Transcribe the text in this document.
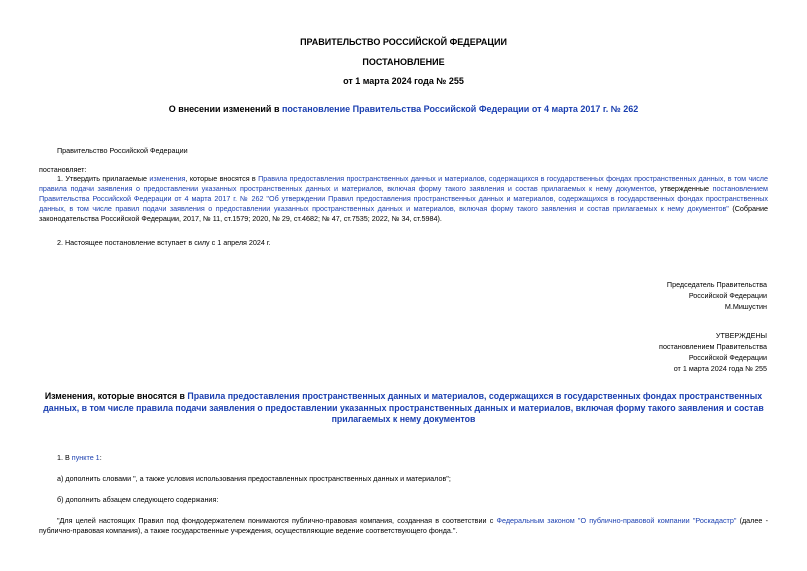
ПРАВИТЕЛЬСТВО РОССИЙСКОЙ ФЕДЕРАЦИИ
ПОСТАНОВЛЕНИЕ
от 1 марта 2024 года № 255
О внесении изменений в постановление Правительства Российской Федерации от 4 марта 2017 г. № 262
Правительство Российской Федерации
постановляет:
1. Утвердить прилагаемые изменения, которые вносятся в Правила предоставления пространственных данных и материалов, содержащихся в государственных фондах пространственных данных, в том числе правила подачи заявления о предоставлении указанных пространственных данных и материалов, включая форму такого заявления и состав прилагаемых к нему документов, утвержденные постановлением Правительства Российской Федерации от 4 марта 2017 г. № 262 "Об утверждении Правил предоставления пространственных данных и материалов, содержащихся в государственных фондах пространственных данных, в том числе правил подачи заявления о предоставлении указанных пространственных данных и материалов, включая форму такого заявления и состав прилагаемых к нему документов" (Собрание законодательства Российской Федерации, 2017, № 11, ст.1579; 2020, № 29, ст.4682; № 47, ст.7535; 2022, № 34, ст.5984).
2. Настоящее постановление вступает в силу с 1 апреля 2024 г.
Председатель Правительства
Российской Федерации
М.Мишустин
УТВЕРЖДЕНЫ
постановлением Правительства
Российской Федерации
от 1 марта 2024 года № 255
Изменения, которые вносятся в Правила предоставления пространственных данных и материалов, содержащихся в государственных фондах пространственных данных, в том числе правила подачи заявления о предоставлении указанных пространственных данных и материалов, включая форму такого заявления и состав прилагаемых к нему документов
1. В пункте 1:
а) дополнить словами ", а также условия использования предоставленных пространственных данных и материалов";
б) дополнить абзацем следующего содержания:
"Для целей настоящих Правил под фондодержателем понимаются публично-правовая компания, созданная в соответствии с Федеральным законом "О публично-правовой компании "Роскадастр" (далее - публично-правовая компания), а также государственные учреждения, осуществляющие ведение соответствующего фонда.".
